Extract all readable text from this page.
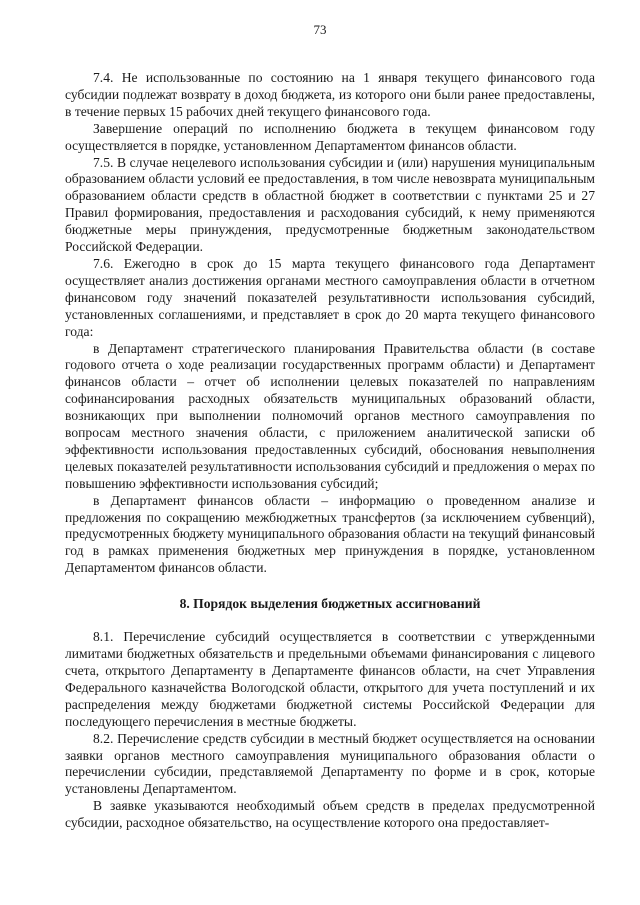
73

7.4. Не использованные по состоянию на 1 января текущего финансового года субсидии подлежат возврату в доход бюджета, из которого они были ранее предоставлены, в течение первых 15 рабочих дней текущего финансового года.

Завершение операций по исполнению бюджета в текущем финансовом году осуществляется в порядке, установленном Департаментом финансов области.

7.5. В случае нецелевого использования субсидии и (или) нарушения муниципальным образованием области условий ее предоставления, в том числе невозврата муниципальным образованием области средств в областной бюджет в соответствии с пунктами 25 и 27 Правил формирования, предоставления и расходования субсидий, к нему применяются бюджетные меры принуждения, предусмотренные бюджетным законодательством Российской Федерации.

7.6. Ежегодно в срок до 15 марта текущего финансового года Департамент осуществляет анализ достижения органами местного самоуправления области в отчетном финансовом году значений показателей результативности использования субсидий, установленных соглашениями, и представляет в срок до 20 марта текущего финансового года:

в Департамент стратегического планирования Правительства области (в составе годового отчета о ходе реализации государственных программ области) и Департамент финансов области – отчет об исполнении целевых показателей по направлениям софинансирования расходных обязательств муниципальных образований области, возникающих при выполнении полномочий органов местного самоуправления по вопросам местного значения области, с приложением аналитической записки об эффективности использования предоставленных субсидий, обоснования невыполнения целевых показателей результативности использования субсидий и предложения о мерах по повышению эффективности использования субсидий;

в Департамент финансов области – информацию о проведенном анализе и предложения по сокращению межбюджетных трансфертов (за исключением субвенций), предусмотренных бюджету муниципального образования области на текущий финансовый год в рамках применения бюджетных мер принуждения в порядке, установленном Департаментом финансов области.

8. Порядок выделения бюджетных ассигнований

8.1. Перечисление субсидий осуществляется в соответствии с утвержденными лимитами бюджетных обязательств и предельными объемами финансирования с лицевого счета, открытого Департаменту в Департаменте финансов области, на счет Управления Федерального казначейства Вологодской области, открытого для учета поступлений и их распределения между бюджетами бюджетной системы Российской Федерации для последующего перечисления в местные бюджеты.

8.2. Перечисление средств субсидии в местный бюджет осуществляется на основании заявки органов местного самоуправления муниципального образования области о перечислении субсидии, представляемой Департаменту по форме и в срок, которые установлены Департаментом.

В заявке указываются необходимый объем средств в пределах предусмотренной субсидии, расходное обязательство, на осуществление которого она предоставляет-
